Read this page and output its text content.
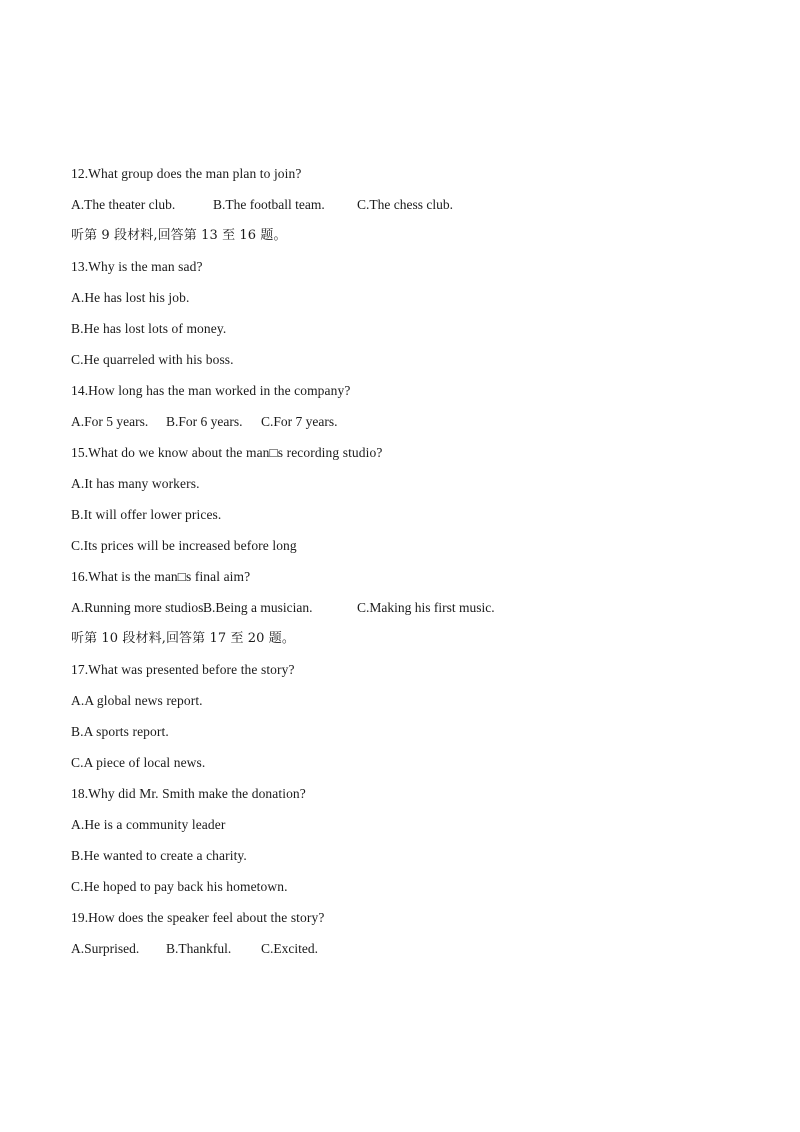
12.What group does the man plan to join?

A.The theater club.

	B.The football team.

C.The chess club.

听第 9 段材料,回答第 13 至 16 题。
13.Why is the man sad?
A.He has lost his job.
B.He has lost lots of money.
C.He quarreled with his boss.
14.How long has the man worked in the company?

A.For 5 years.

B.For 6 years.

C.For 7 years.

15.What do we know about the man□s recording studio?
A.It has many workers.
B.It will offer lower prices.
C.Its prices will be increased before long
16.What is the man□s final aim?

A.Running more studios.

B.Being a musician.

	C.Making his first music.

听第 10 段材料,回答第 17 至 20 题。
17.What was presented before the story?
A.A global news report.
B.A sports report.
C.A piece of local news.
18.Why did Mr. Smith make the donation?
A.He is a community leader
B.He wanted to create a charity.
C.He hoped to pay back his hometown.
19.How does the speaker feel about the story?

A.Surprised.

B.Thankful.

C.Excited.
